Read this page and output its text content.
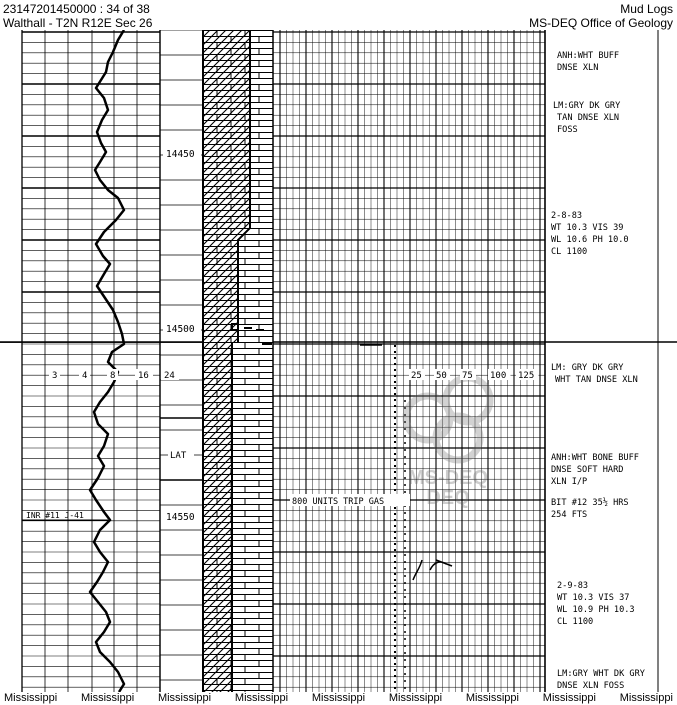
23147201450000 : 34 of 38
Walthall - T2N R12E Sec 26
Mud Logs
MS-DEQ Office of Geology
MS-DEQ
DEQ
14450
14500
14550
3	4	8	16 24	25 50 75 100 125
LAT
INR #11 J-41
800 UNITS TRIP GAS
ANH:WHT BUFF
DNSE XLN
LM:GRY DK GRY
TAN DNSE XLN
FOSS
2-8-83
WT 10.3 VIS 39
WL 10.6 PH 10.0
CL 1100
LM: GRY DK GRY
WHT TAN DNSE XLN
ANH:WHT BONE BUFF
DNSE SOFT HARD
XLN I/P
BIT #12 35½ HRS
254 FTS
2-9-83
WT 10.3 VIS 37
WL 10.9 PH 10.3
CL 1100
LM:GRY WHT DK GRY
DNSE XLN FOSS
Mississippi Mississippi Mississippi Mississippi Mississippi Mississippi Mississippi Mississippi Mississippi
